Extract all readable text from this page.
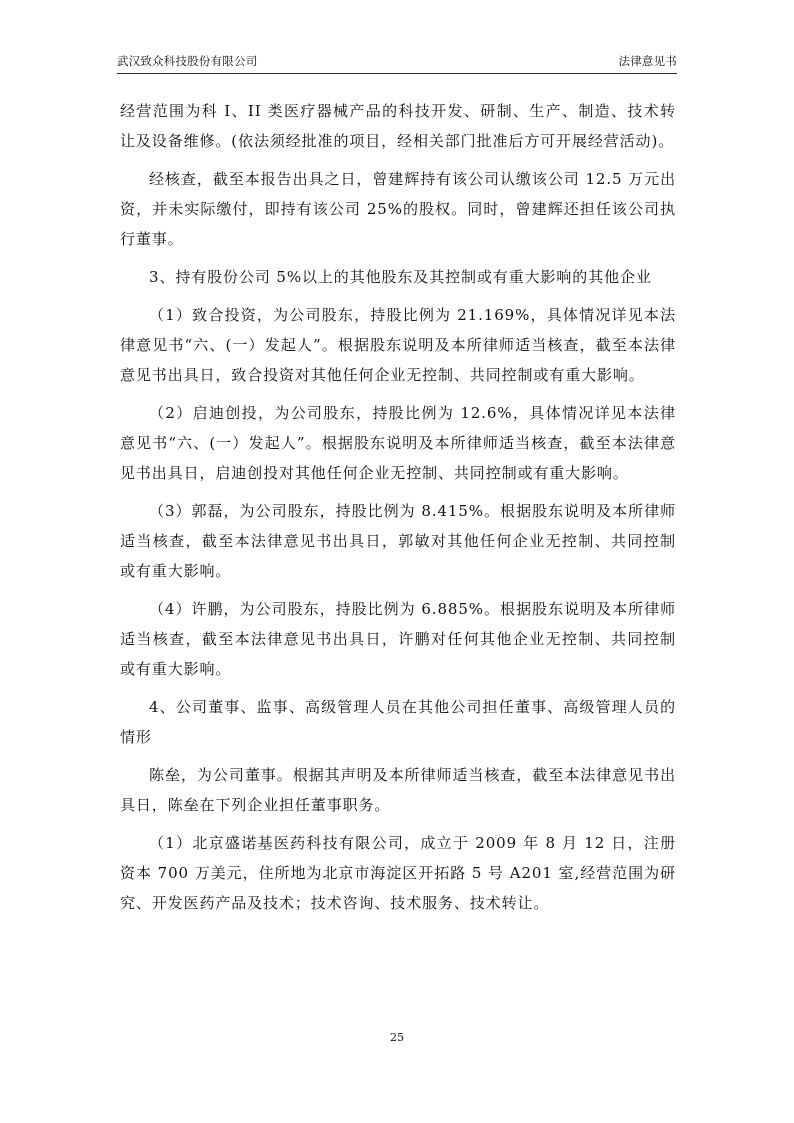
武汉致众科技股份有限公司	法律意见书

经营范围为科 I、II 类医疗器械产品的科技开发、研制、生产、制造、技术转让及设备维修。(依法须经批准的项目，经相关部门批准后方可开展经营活动)。

经核查，截至本报告出具之日，曾建辉持有该公司认缴该公司 12.5 万元出资，并未实际缴付，即持有该公司 25%的股权。同时，曾建辉还担任该公司执行董事。

3、持有股份公司 5%以上的其他股东及其控制或有重大影响的其他企业

（1）致合投资，为公司股东，持股比例为 21.169%，具体情况详见本法律意见书“六、(一）发起人”。根据股东说明及本所律师适当核查，截至本法律意见书出具日，致合投资对其他任何企业无控制、共同控制或有重大影响。

（2）启迪创投，为公司股东，持股比例为 12.6%，具体情况详见本法律意见书“六、(一）发起人”。根据股东说明及本所律师适当核查，截至本法律意见书出具日，启迪创投对其他任何企业无控制、共同控制或有重大影响。

（3）郭磊，为公司股东，持股比例为 8.415%。根据股东说明及本所律师适当核查，截至本法律意见书出具日，郭敏对其他任何企业无控制、共同控制或有重大影响。

（4）许鹏，为公司股东，持股比例为 6.885%。根据股东说明及本所律师适当核查，截至本法律意见书出具日，许鹏对任何其他企业无控制、共同控制或有重大影响。

4、公司董事、监事、高级管理人员在其他公司担任董事、高级管理人员的情形

陈垒，为公司董事。根据其声明及本所律师适当核查，截至本法律意见书出具日，陈垒在下列企业担任董事职务。

（1）北京盛诺基医药科技有限公司，成立于 2009 年 8 月 12 日，注册资本 700 万美元，住所地为北京市海淀区开拓路 5 号 A201 室,经营范围为研究、开发医药产品及技术；技术咨询、技术服务、技术转让。

25
